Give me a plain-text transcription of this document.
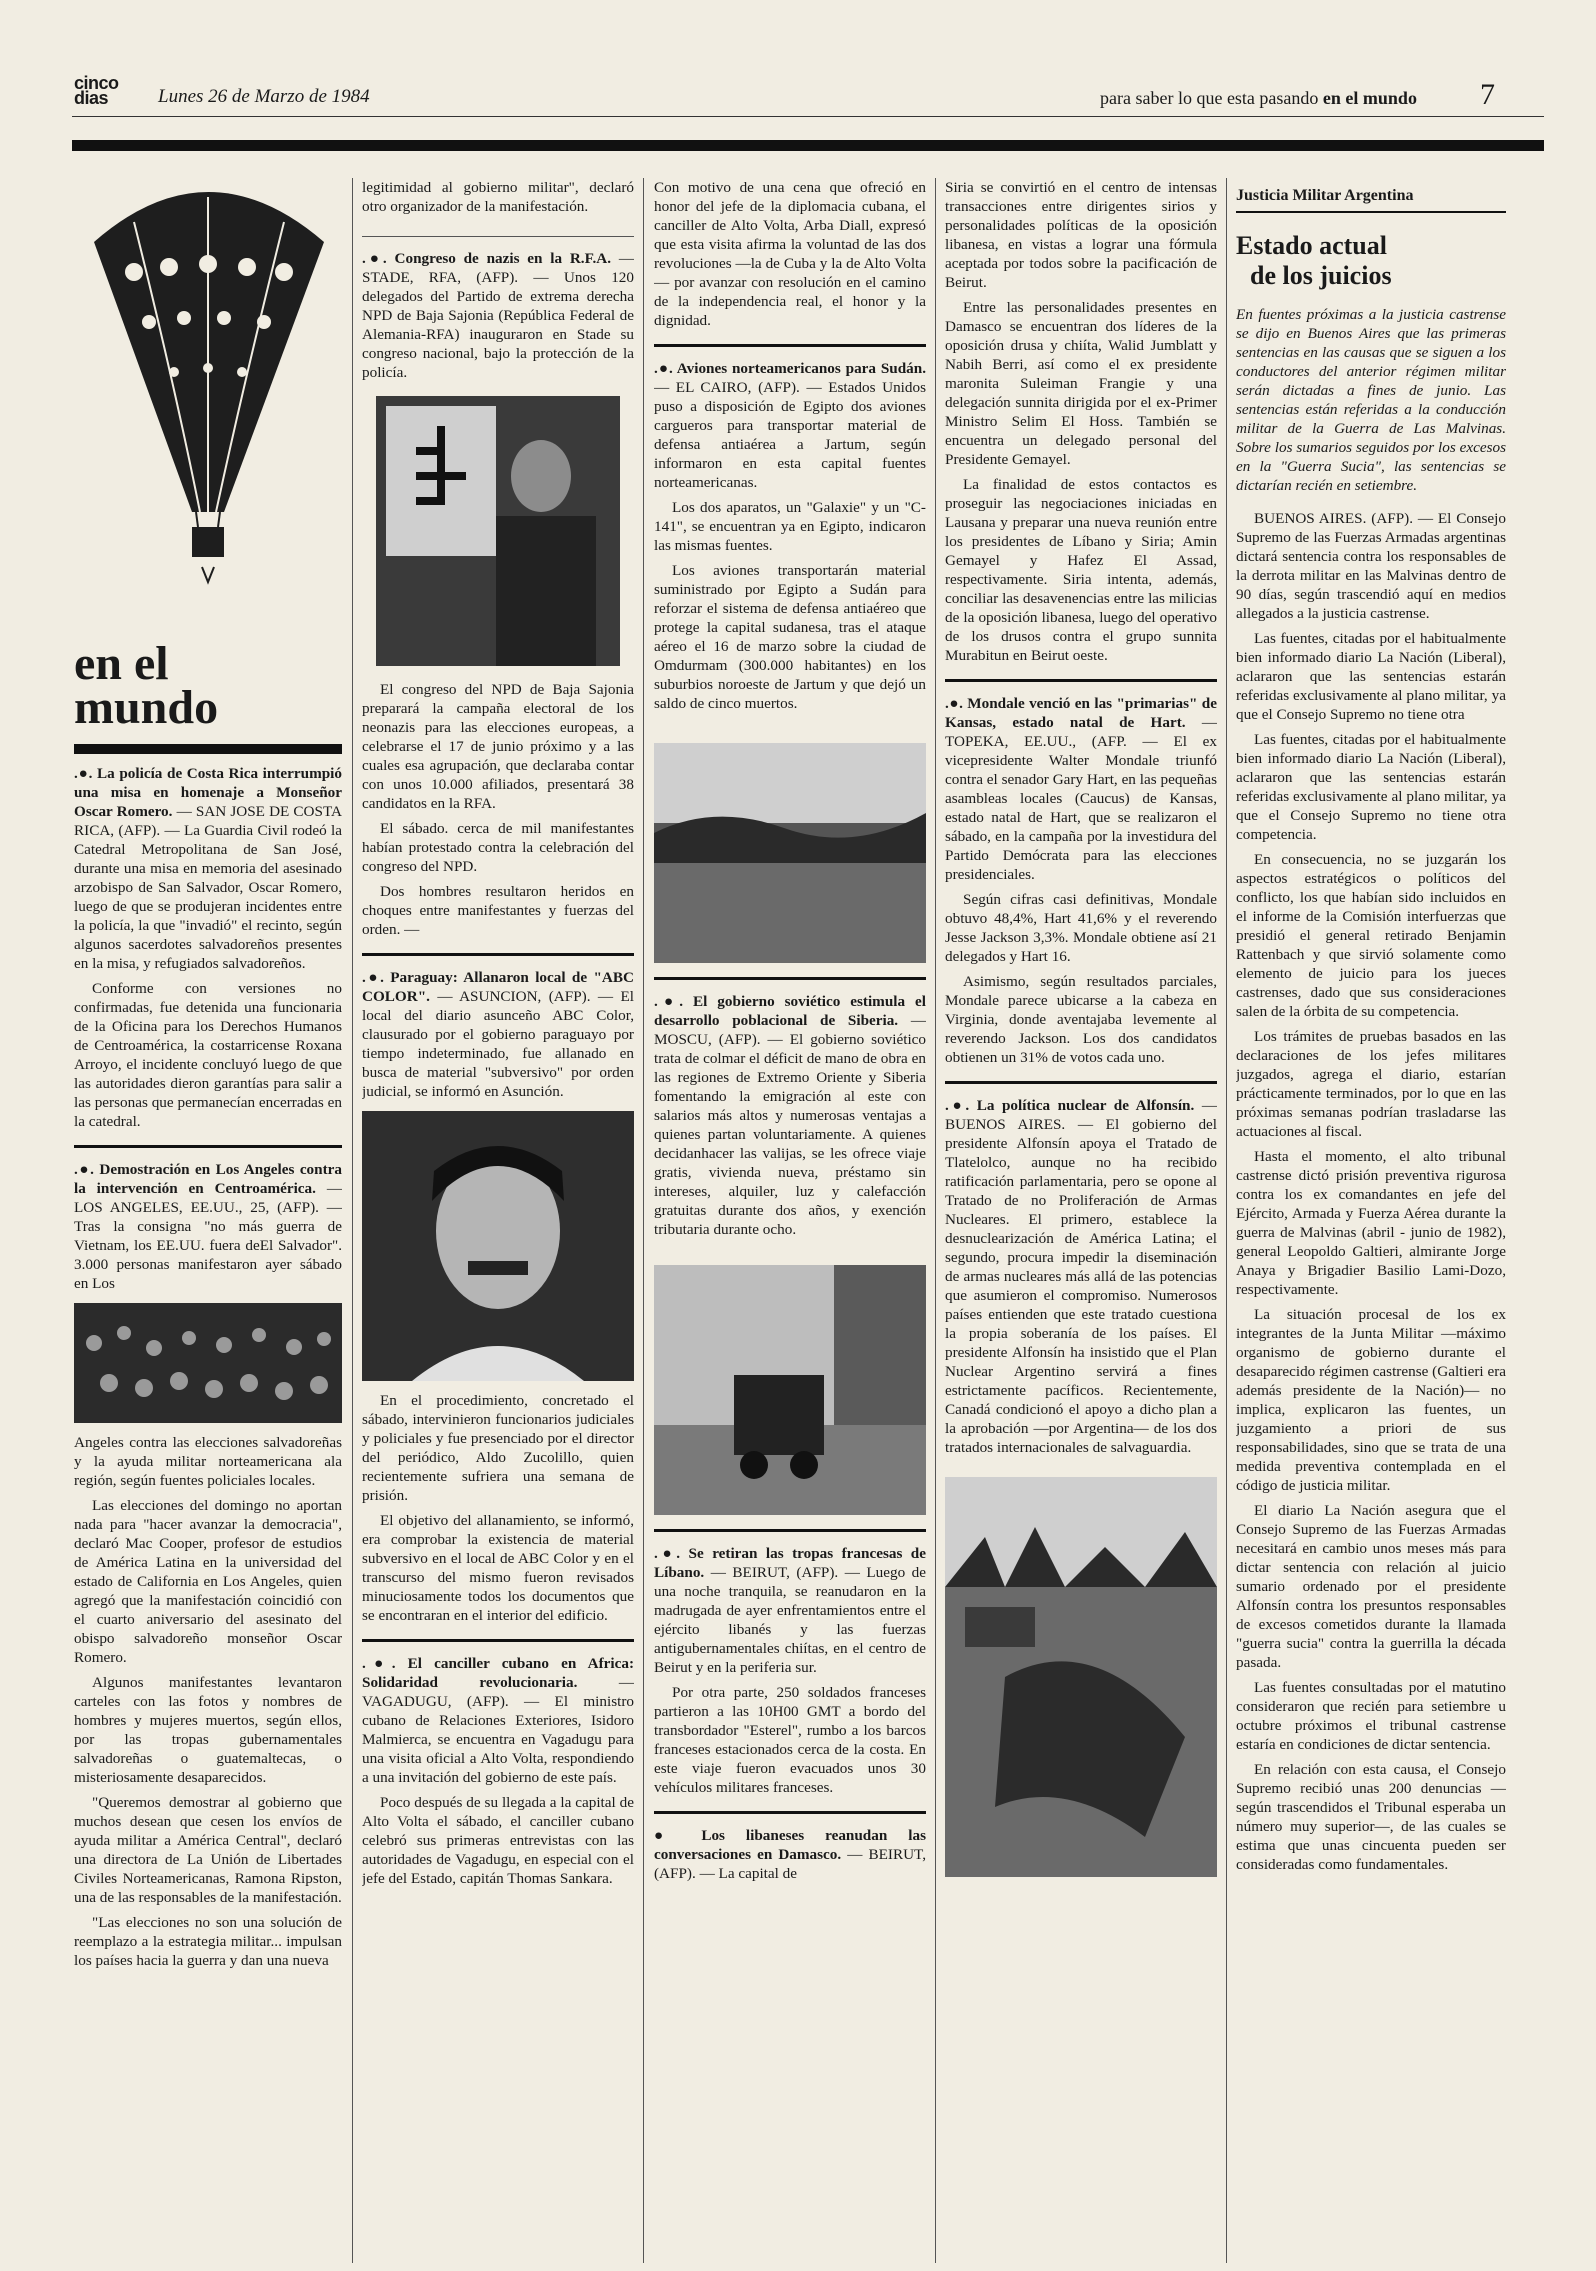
cinco
dias	Lunes 26 de Marzo de 1984	para saber lo que esta pasando en el mundo 7
en el
mundo

.●. La policía de Costa Rica interrumpió una misa en homenaje a Monseñor Oscar Romero. — SAN JOSE DE COSTA RICA, (AFP). — La Guardia Civil rodeó la Catedral Metropolitana de San José, durante una misa en memoria del asesinado arzobispo de San Salvador, Oscar Romero, luego de que se produjeran incidentes entre la policía, la que "invadió" el recinto, según algunos sacerdotes salvadoreños presentes en la misa, y refugiados salvadoreños.

Conforme con versiones no confirmadas, fue detenida una funcionaria de la Oficina para los Derechos Humanos de Centroamérica, la costarricense Roxana Arroyo, el incidente concluyó luego de que las autoridades dieron garantías para salir a las personas que permanecían encerradas en la catedral.

.●. Demostración en Los Angeles contra la intervención en Centroamérica. — LOS ANGELES, EE.UU., 25, (AFP). — Tras la consigna "no más guerra de Vietnam, los EE.UU. fuera deEl Salvador". 3.000 personas manifestaron ayer sábado en Los

Angeles contra las elecciones salvadoreñas y la ayuda militar norteamericana ala región, según fuentes policiales locales.

Las elecciones del domingo no aportan nada para "hacer avanzar la democracia", declaró Mac Cooper, profesor de estudios de América Latina en la universidad del estado de California en Los Angeles, quien agregó que la manifestación coincidió con el cuarto aniversario del asesinato del obispo salvadoreño monseñor Oscar Romero.

Algunos manifestantes levantaron carteles con las fotos y nombres de hombres y mujeres muertos, según ellos, por las tropas gubernamentales salvadoreñas o guatemaltecas, o misteriosamente desaparecidos.

"Queremos demostrar al gobierno que muchos desean que cesen los envíos de ayuda militar a América Central", declaró una directora de La Unión de Libertades Civiles Norteamericanas, Ramona Ripston, una de las responsables de la manifestación.

"Las elecciones no son una solución de reemplazo a la estrategia militar... impulsan los países hacia la guerra y dan una nueva

legitimidad al gobierno militar", declaró otro organizador de la manifestación.

.●. Congreso de nazis en la R.F.A. — STADE, RFA, (AFP). — Unos 120 delegados del Partido de extrema derecha NPD de Baja Sajonia (República Federal de Alemania-RFA) inauguraron en Stade su congreso nacional, bajo la protección de la policía.

El congreso del NPD de Baja Sajonia preparará la campaña electoral de los neonazis para las elecciones europeas, a celebrarse el 17 de junio próximo y a las cuales esa agrupación, que declaraba contar con unos 10.000 afiliados, presentará 38 candidatos en la RFA.

El sábado. cerca de mil manifestantes habían protestado contra la celebración del congreso del NPD.

Dos hombres resultaron heridos en choques entre manifestantes y fuerzas del orden. —

.●. Paraguay: Allanaron local de "ABC COLOR". — ASUNCION, (AFP). — El local del diario asunceño ABC Color, clausurado por el gobierno paraguayo por tiempo indeterminado, fue allanado en busca de material "subversivo" por orden judicial, se informó en Asunción.

En el procedimiento, concretado el sábado, intervinieron funcionarios judiciales y policiales y fue presenciado por el director del periódico, Aldo Zucolillo, quien recientemente sufriera una semana de prisión.

El objetivo del allanamiento, se informó, era comprobar la existencia de material subversivo en el local de ABC Color y en el transcurso del mismo fueron revisados minuciosamente todos los documentos que se encontraran en el interior del edificio.

.●. El canciller cubano en Africa: Solidaridad revolucionaria.	— VAGADUGU, (AFP). — El ministro cubano de Relaciones Exteriores, Isidoro Malmierca, se encuentra en Vagadugu para una visita oficial a Alto Volta, respondiendo a una invitación del gobierno de este país.

Poco después de su llegada a la capital de Alto Volta el sábado, el canciller cubano celebró sus primeras entrevistas con las autoridades de Vagadugu, en especial con el jefe del Estado, capitán Thomas Sankara.

Con motivo de una cena que ofreció en honor del jefe de la diplomacia cubana, el canciller de Alto Volta, Arba Diall, expresó que esta visita afirma la voluntad de las dos revoluciones —la de Cuba y la de Alto Volta— por avanzar con resolución en el camino de la independencia real, el honor y la dignidad.

.●. Aviones norteamericanos para Sudán. — EL CAIRO, (AFP). — Estados Unidos puso a disposición de Egipto dos aviones cargueros para transportar material de defensa antiaérea a Jartum, según informaron en esta capital fuentes norteamericanas.

Los dos aparatos, un "Galaxie" y un "C-141", se encuentran ya en Egipto, indicaron las mismas fuentes.

Los aviones transportarán material suministrado por Egipto a Sudán para reforzar el sistema de defensa antiaéreo que protege la capital sudanesa, tras el ataque aéreo el 16 de marzo sobre la ciudad de Omdurmam (300.000 habitantes) en los suburbios noroeste de Jartum y que dejó un saldo de cinco muertos.

.●. El gobierno soviético estimula el desarrollo poblacional de Siberia. — MOSCU, (AFP). — El gobierno soviético trata de colmar el déficit de mano de obra en las regiones de Extremo Oriente y Siberia fomentando la emigración al este con salarios más altos y numerosas ventajas a quienes partan voluntariamente. A quienes decidanhacer las valijas, se les ofrece viaje gratis, vivienda nueva, préstamo sin intereses, alquiler, luz y calefacción gratuitas durante dos años, y exención tributaria durante ocho.

.●. Se retiran las tropas francesas de Líbano. — BEIRUT, (AFP). — Luego de una noche tranquila, se reanudaron en la madrugada de ayer enfrentamientos entre el ejército libanés y las fuerzas antigubernamentales chiítas, en el centro de Beirut y en la periferia sur.

Por otra parte, 250 soldados franceses partieron a las 10H00 GMT a bordo del transbordador "Esterel", rumbo a los barcos franceses estacionados cerca de la costa. En este viaje fueron evacuados unos 30 vehículos militares franceses.

● Los libaneses reanudan las conversaciones en Damasco. — BEIRUT, (AFP). — La capital de

Siria se convirtió en el centro de intensas transacciones entre dirigentes sirios y personalidades políticas de la oposición libanesa, en vistas a lograr una fórmula aceptada por todos sobre la pacificación de Beirut.

Entre las personalidades presentes en Damasco se encuentran dos líderes de la oposición drusa y chiíta, Walid Jumblatt y Nabih Berri, así como el ex presidente maronita Suleiman Frangie y una delegación sunnita dirigida por el ex-Primer Ministro Selim El Hoss. También se encuentra un delegado personal del Presidente Gemayel.

La finalidad de estos contactos es proseguir las negociaciones iniciadas en Lausana y preparar una nueva reunión entre los presidentes de Líbano y Siria; Amin Gemayel y Hafez El Assad, respectivamente. Siria intenta, además, conciliar las desavenencias entre las milicias de la oposición libanesa, luego del operativo de los drusos contra el grupo sunnita Murabitun en Beirut oeste.

.●. Mondale venció en las "primarias" de Kansas, estado natal de Hart. — TOPEKA, EE.UU., (AFP. — El ex vicepresidente Walter Mondale triunfó contra el senador Gary Hart, en las pequeñas asambleas locales (Caucus) de Kansas, estado natal de Hart, que se realizaron el sábado, en la campaña por la investidura del Partido Demócrata para las elecciones presidenciales.

Según cifras casi definitivas, Mondale obtuvo 48,4%, Hart 41,6% y el reverendo Jesse Jackson 3,3%. Mondale obtiene así 21 delegados y Hart 16.

Asimismo, según resultados parciales, Mondale parece ubicarse a la cabeza en Virginia, donde aventajaba levemente al reverendo Jackson. Los dos candidatos obtienen un 31% de votos cada uno.

.●. La política nuclear de Alfonsín. — BUENOS AIRES. — El gobierno del presidente Alfonsín apoya el Tratado de Tlatelolco, aunque no ha recibido ratificación parlamentaria, pero se opone al Tratado de no Proliferación de Armas Nucleares. El primero, establece la desnuclearización de América Latina; el segundo, procura impedir la diseminación de armas nucleares más allá de las potencias que asumieron el compromiso. Numerosos países entienden que este tratado cuestiona la propia soberanía de los países. El presidente Alfonsín ha insistido que el Plan Nuclear Argentino servirá a fines estrictamente pacíficos. Recientemente, Canadá condicionó el apoyo a dicho plan a la aprobación —por Argentina— de los dos tratados internacionales de salvaguardia.

Justicia Militar Argentina
Estado actual
de los juicios

En fuentes próximas a la justicia castrense se dijo en Buenos Aires que las primeras sentencias en las causas que se siguen a los conductores del anterior régimen militar serán dictadas a fines de junio. Las sentencias están referidas a la conducción militar de la Guerra de Las Malvinas. Sobre los sumarios seguidos por los excesos en la "Guerra Sucia", las sentencias se dictarían recién en setiembre.

BUENOS AIRES. (AFP). — El Consejo Supremo de las Fuerzas Armadas argentinas dictará sentencia contra los responsables de la derrota militar en las Malvinas dentro de 90 días, según trascendió aquí en medios allegados a la justicia castrense.

Las fuentes, citadas por el habitualmente bien informado diario La Nación (Liberal), aclararon que las sentencias estarán referidas exclusivamente al plano militar, ya que el Consejo Supremo no tiene otra

Las fuentes, citadas por el habitualmente bien informado diario La Nación (Liberal), aclararon que las sentencias estarán referidas exclusivamente al plano militar, ya que el Consejo Supremo no tiene otra competencia.

En consecuencia, no se juzgarán los aspectos estratégicos o políticos del conflicto, los que habían sido incluidos en el informe de la Comisión interfuerzas que presidió el general retirado Benjamin Rattenbach y que sirvió solamente como elemento de juicio para los jueces castrenses, dado que sus consideraciones salen de la órbita de su competencia.

Los trámites de pruebas basados en las declaraciones de los jefes militares juzgados, agrega el diario, estarían prácticamente terminados, por lo que en las próximas semanas podrían trasladarse las actuaciones al fiscal.

Hasta el momento, el alto tribunal castrense dictó prisión preventiva rigurosa contra los ex comandantes en jefe del Ejército, Armada y Fuerza Aérea durante la guerra de Malvinas (abril - junio de 1982), general Leopoldo Galtieri, almirante Jorge Anaya y Brigadier Basilio Lami-Dozo, respectivamente.

La situación procesal de los ex integrantes de la Junta Militar —máximo organismo de gobierno durante el desaparecido régimen castrense (Galtieri era además presidente de la Nación)— no implica, explicaron las fuentes, un juzgamiento a priori de sus responsabilidades, sino que se trata de una medida preventiva contemplada en el código de justicia militar.

El diario La Nación asegura que el Consejo Supremo de las Fuerzas Armadas necesitará en cambio unos meses más para dictar sentencia con relación al juicio sumario ordenado por el presidente Alfonsín contra los presuntos responsables de excesos cometidos durante la llamada "guerra sucia" contra la guerrilla la década pasada.

Las fuentes consultadas por el matutino consideraron que recién para setiembre u octubre próximos el tribunal castrense estaría en condiciones de dictar sentencia.

En relación con esta causa, el Consejo Supremo recibió unas 200 denuncias —según trascendidos el Tribunal esperaba un número muy superior—, de las cuales se estima que unas cincuenta pueden ser consideradas como fundamentales.
